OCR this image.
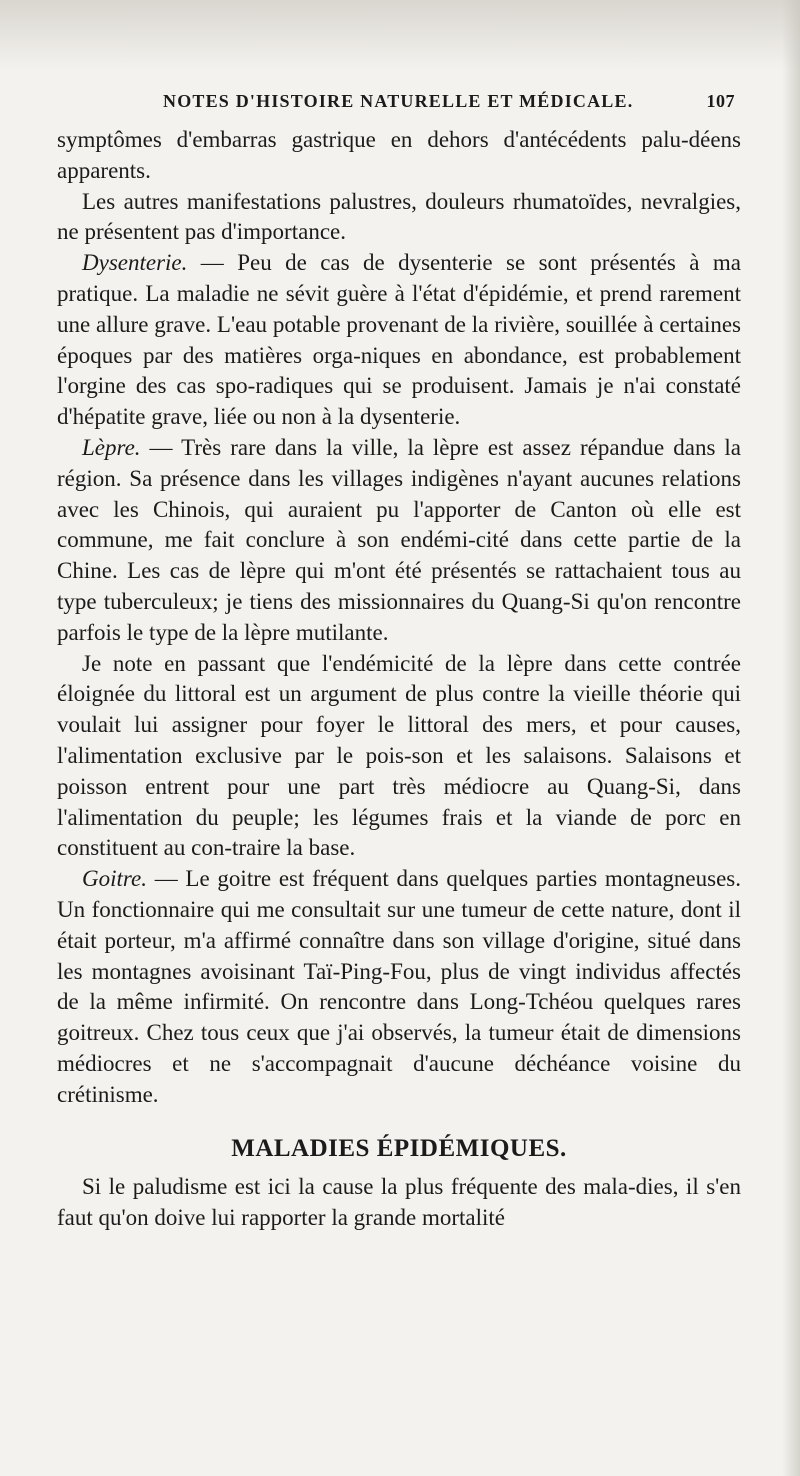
NOTES D'HISTOIRE NATURELLE ET MÉDICALE.	107

symptômes d'embarras gastrique en dehors d'antécédents palu-déens apparents.

Les autres manifestations palustres, douleurs rhumatoïdes, nevralgies, ne présentent pas d'importance.

Dysenterie. — Peu de cas de dysenterie se sont présentés à ma pratique. La maladie ne sévit guère à l'état d'épidémie, et prend rarement une allure grave. L'eau potable provenant de la rivière, souillée à certaines époques par des matières orga-niques en abondance, est probablement l'orgine des cas spo-radiques qui se produisent. Jamais je n'ai constaté d'hépatite grave, liée ou non à la dysenterie.

Lèpre. — Très rare dans la ville, la lèpre est assez répandue dans la région. Sa présence dans les villages indigènes n'ayant aucunes relations avec les Chinois, qui auraient pu l'apporter de Canton où elle est commune, me fait conclure à son endémi-cité dans cette partie de la Chine. Les cas de lèpre qui m'ont été présentés se rattachaient tous au type tuberculeux; je tiens des missionnaires du Quang-Si qu'on rencontre parfois le type de la lèpre mutilante.

Je note en passant que l'endémicité de la lèpre dans cette contrée éloignée du littoral est un argument de plus contre la vieille théorie qui voulait lui assigner pour foyer le littoral des mers, et pour causes, l'alimentation exclusive par le pois-son et les salaisons. Salaisons et poisson entrent pour une part très médiocre au Quang-Si, dans l'alimentation du peuple; les légumes frais et la viande de porc en constituent au con-traire la base.

Goitre. — Le goitre est fréquent dans quelques parties montagneuses. Un fonctionnaire qui me consultait sur une tumeur de cette nature, dont il était porteur, m'a affirmé connaître dans son village d'origine, situé dans les montagnes avoisinant Taï-Ping-Fou, plus de vingt individus affectés de la même infirmité. On rencontre dans Long-Tchéou quelques rares goitreux. Chez tous ceux que j'ai observés, la tumeur était de dimensions médiocres et ne s'accompagnait d'aucune déchéance voisine du crétinisme.

MALADIES ÉPIDÉMIQUES.

Si le paludisme est ici la cause la plus fréquente des mala-dies, il s'en faut qu'on doive lui rapporter la grande mortalité
